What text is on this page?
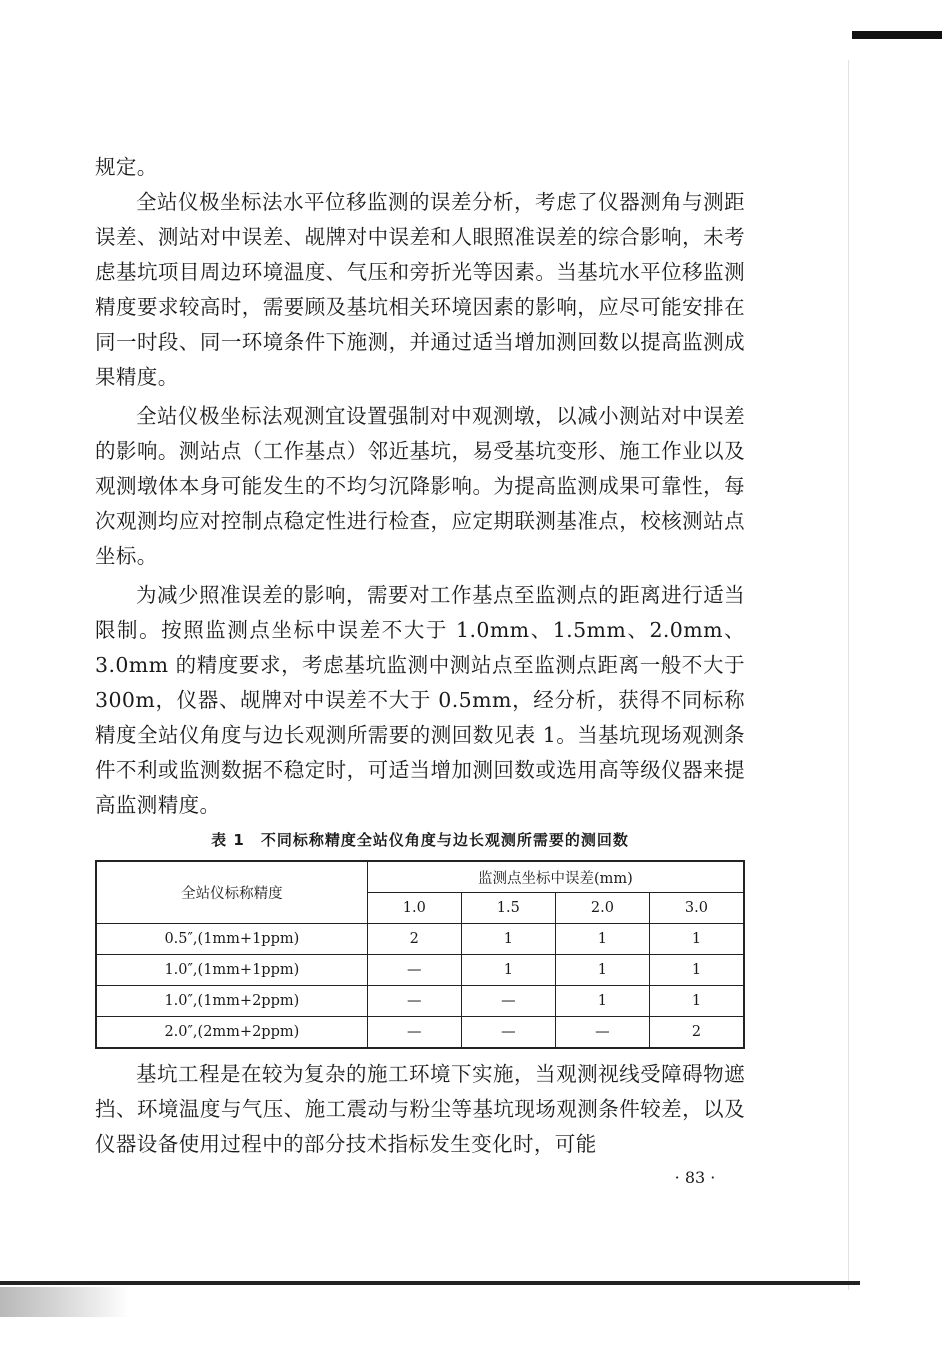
规定。

全站仪极坐标法水平位移监测的误差分析，考虑了仪器测角与测距误差、测站对中误差、觇牌对中误差和人眼照准误差的综合影响，未考虑基坑项目周边环境温度、气压和旁折光等因素。当基坑水平位移监测精度要求较高时，需要顾及基坑相关环境因素的影响，应尽可能安排在同一时段、同一环境条件下施测，并通过适当增加测回数以提高监测成果精度。

全站仪极坐标法观测宜设置强制对中观测墩，以减小测站对中误差的影响。测站点（工作基点）邻近基坑，易受基坑变形、施工作业以及观测墩体本身可能发生的不均匀沉降影响。为提高监测成果可靠性，每次观测均应对控制点稳定性进行检查，应定期联测基准点，校核测站点坐标。

为减少照准误差的影响，需要对工作基点至监测点的距离进行适当限制。按照监测点坐标中误差不大于 1.0mm、1.5mm、2.0mm、3.0mm 的精度要求，考虑基坑监测中测站点至监测点距离一般不大于 300m，仪器、觇牌对中误差不大于 0.5mm，经分析，获得不同标称精度全站仪角度与边长观测所需要的测回数见表 1。当基坑现场观测条件不利或监测数据不稳定时，可适当增加测回数或选用高等级仪器来提高监测精度。

表 1　不同标称精度全站仪角度与边长观测所需要的测回数
全站仪标称精度	监测点坐标中误差(mm)			
	1.0	1.5	2.0	3.0
0.5″,(1mm+1ppm)	2	1	1	1
1.0″,(1mm+1ppm)	—	1	1	1
1.0″,(1mm+2ppm)	—	—	1	1
2.0″,(2mm+2ppm)	—	—	—	2

基坑工程是在较为复杂的施工环境下实施，当观测视线受障碍物遮挡、环境温度与气压、施工震动与粉尘等基坑现场观测条件较差，以及仪器设备使用过程中的部分技术指标发生变化时，可能

· 83 ·
